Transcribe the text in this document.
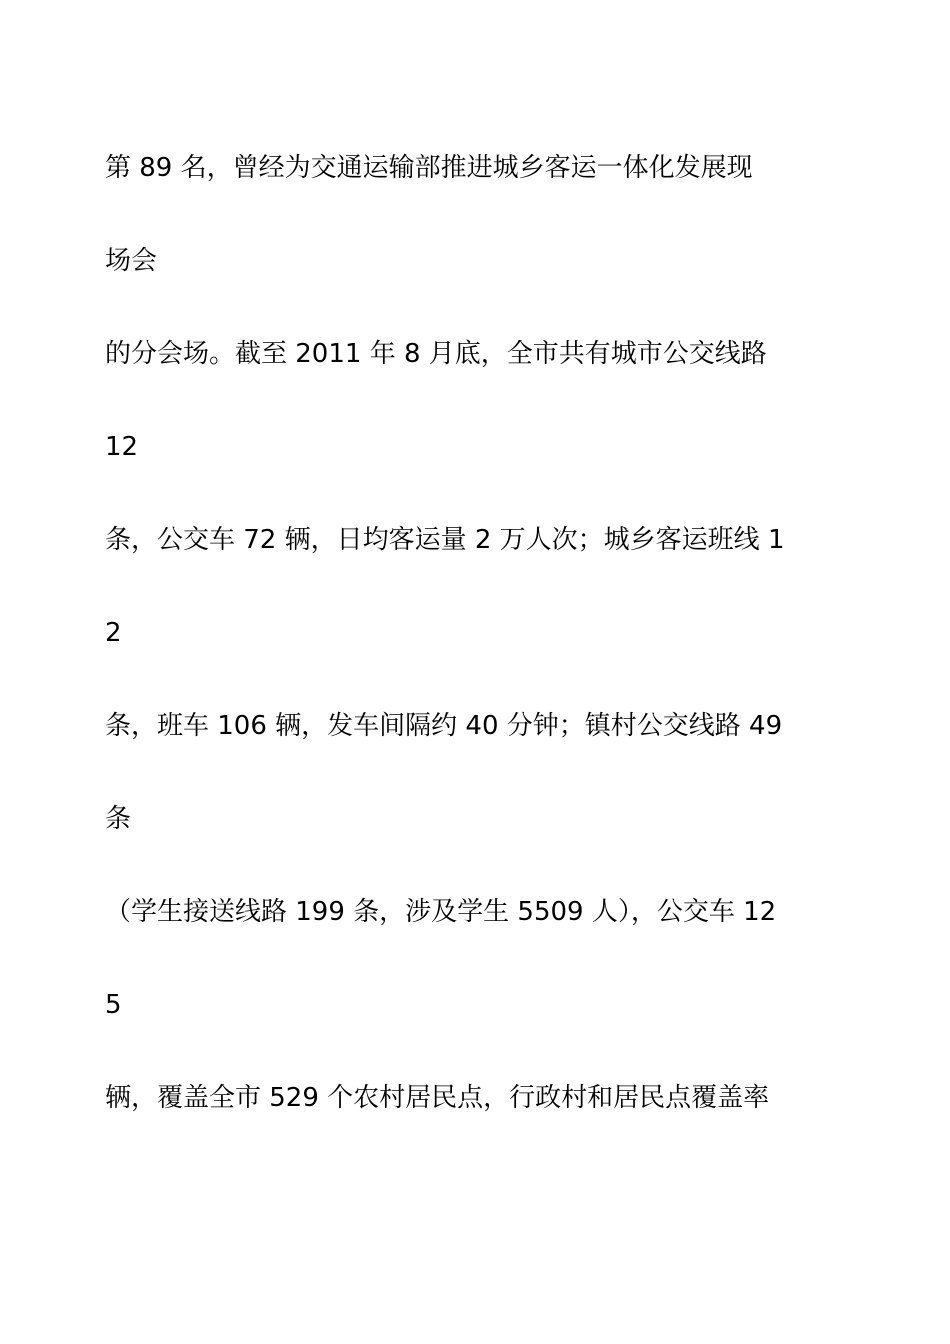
第 89 名，曾经为交通运输部推进城乡客运一体化发展现
场会
的分会场。截至 2011 年 8 月底，全市共有城市公交线路
12
条，公交车 72 辆，日均客运量 2 万人次；城乡客运班线 1
2
条，班车 106 辆，发车间隔约 40 分钟；镇村公交线路 49
条
（学生接送线路 199 条，涉及学生 5509 人），公交车 12
5
辆，覆盖全市 529 个农村居民点，行政村和居民点覆盖率
